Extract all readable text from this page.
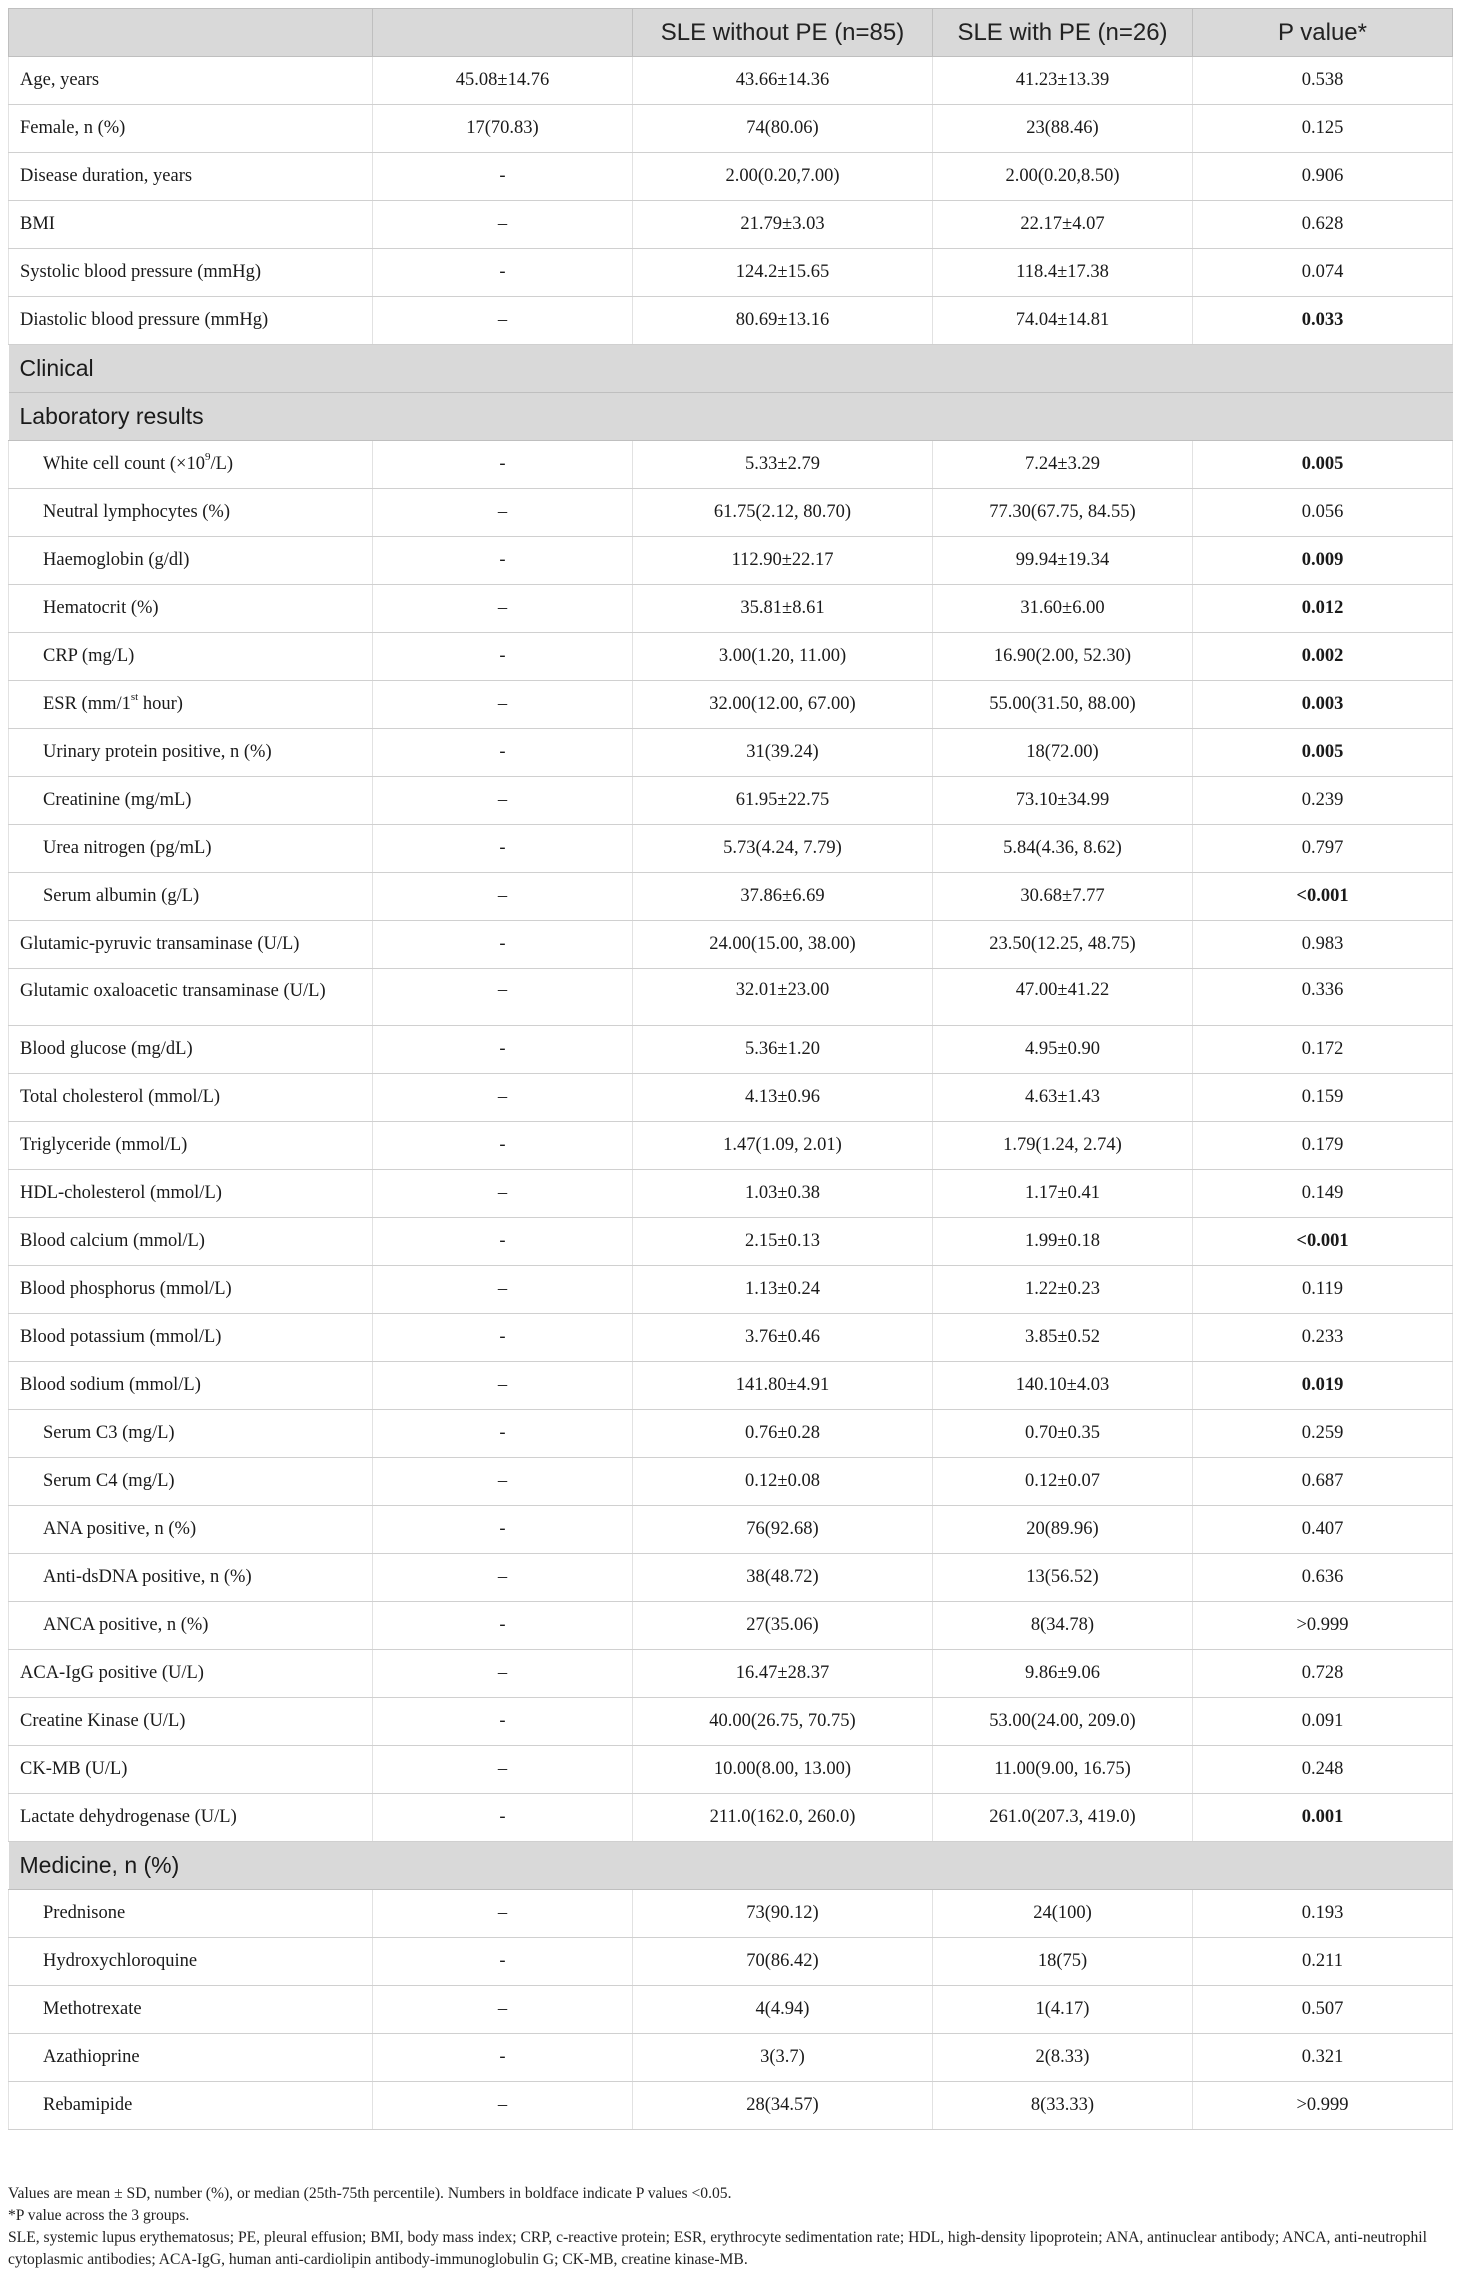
		SLE without PE (n=85)	SLE with PE (n=26)	P value*
Age, years	45.08±14.76	43.66±14.36	41.23±13.39	0.538
Female, n (%)	17(70.83)	74(80.06)	23(88.46)	0.125
Disease duration, years	-	2.00(0.20,7.00)	2.00(0.20,8.50)	0.906
BMI	–	21.79±3.03	22.17±4.07	0.628
Systolic blood pressure (mmHg)	-	124.2±15.65	118.4±17.38	0.074
Diastolic blood pressure (mmHg)	–	80.69±13.16	74.04±14.81	0.033
Clinical				
Laboratory results				
White cell count $(\times 10^9/L)$	-	5.33±2.79	7.24±3.29	0.005
Neutral lymphocytes (%)	–	61.75(2.12, 80.70)	77.30(67.75, 84.55)	0.056
Haemoglobin (g/dl)	-	112.90±22.17	99.94±19.34	0.009
Hematocrit (%)	–	35.81±8.61	31.60±6.00	0.012
CRP (mg/L)	-	3.00(1.20, 11.00)	16.90(2.00, 52.30)	0.002
ESR (mm/1st hour)	–	32.00(12.00, 67.00)	55.00(31.50, 88.00)	0.003
Urinary protein positive, n (%)	-	31(39.24)	18(72.00)	0.005
Creatinine (mg/mL)	–	61.95±22.75	73.10±34.99	0.239
Urea nitrogen (pg/mL)	-	5.73(4.24, 7.79)	5.84(4.36, 8.62)	0.797
Serum albumin (g/L)	–	37.86±6.69	30.68±7.77	<0.001
Glutamic-pyruvic transaminase (U/L)	-	24.00(15.00, 38.00)	23.50(12.25, 48.75)	0.983
Glutamic oxaloacetic transaminase (U/L)	–	32.01±23.00	47.00±41.22	0.336
Blood glucose (mg/dL)	-	5.36±1.20	4.95±0.90	0.172
Total cholesterol (mmol/L)	–	4.13±0.96	4.63±1.43	0.159
Triglyceride (mmol/L)	-	1.47(1.09, 2.01)	1.79(1.24, 2.74)	0.179
HDL-cholesterol (mmol/L)	–	1.03±0.38	1.17±0.41	0.149
Blood calcium (mmol/L)	-	2.15±0.13	1.99±0.18	<0.001
Blood phosphorus (mmol/L)	–	1.13±0.24	1.22±0.23	0.119
Blood potassium (mmol/L)	-	3.76±0.46	3.85±0.52	0.233
Blood sodium (mmol/L)	–	141.80±4.91	140.10±4.03	0.019
Serum C3 (mg/L)	-	0.76±0.28	0.70±0.35	0.259
Serum C4 (mg/L)	–	0.12±0.08	0.12±0.07	0.687
ANA positive, n (%)	-	76(92.68)	20(89.96)	0.407
Anti-dsDNA positive, n (%)	–	38(48.72)	13(56.52)	0.636
ANCA positive, n (%)	-	27(35.06)	8(34.78)	>0.999
ACA-IgG positive (U/L)	–	16.47±28.37	9.86±9.06	0.728
Creatine Kinase (U/L)	-	40.00(26.75, 70.75)	53.00(24.00, 209.0)	0.091
CK-MB (U/L)	–	10.00(8.00, 13.00)	11.00(9.00, 16.75)	0.248
Lactate dehydrogenase (U/L)	-	211.0(162.0, 260.0)	261.0(207.3, 419.0)	0.001
Medicine, n (%)				
Prednisone	–	73(90.12)	24(100)	0.193
Hydroxychloroquine	-	70(86.42)	18(75)	0.211
Methotrexate	–	4(4.94)	1(4.17)	0.507
Azathioprine	-	3(3.7)	2(8.33)	0.321
Rebamipide	–	28(34.57)	8(33.33)	>0.999

Values are mean ± SD, number (%), or median (25th-75th percentile). Numbers in boldface indicate P values <0.05.

*P value across the 3 groups.

SLE, systemic lupus erythematosus; PE, pleural effusion; BMI, body mass index; CRP, c-reactive protein; ESR, erythrocyte sedimentation rate; HDL, high-density lipoprotein; ANA, antinuclear antibody; ANCA, anti-neutrophil cytoplasmic antibodies; ACA-IgG, human anti-cardiolipin antibody-immunoglobulin G; CK-MB, creatine kinase-MB.
